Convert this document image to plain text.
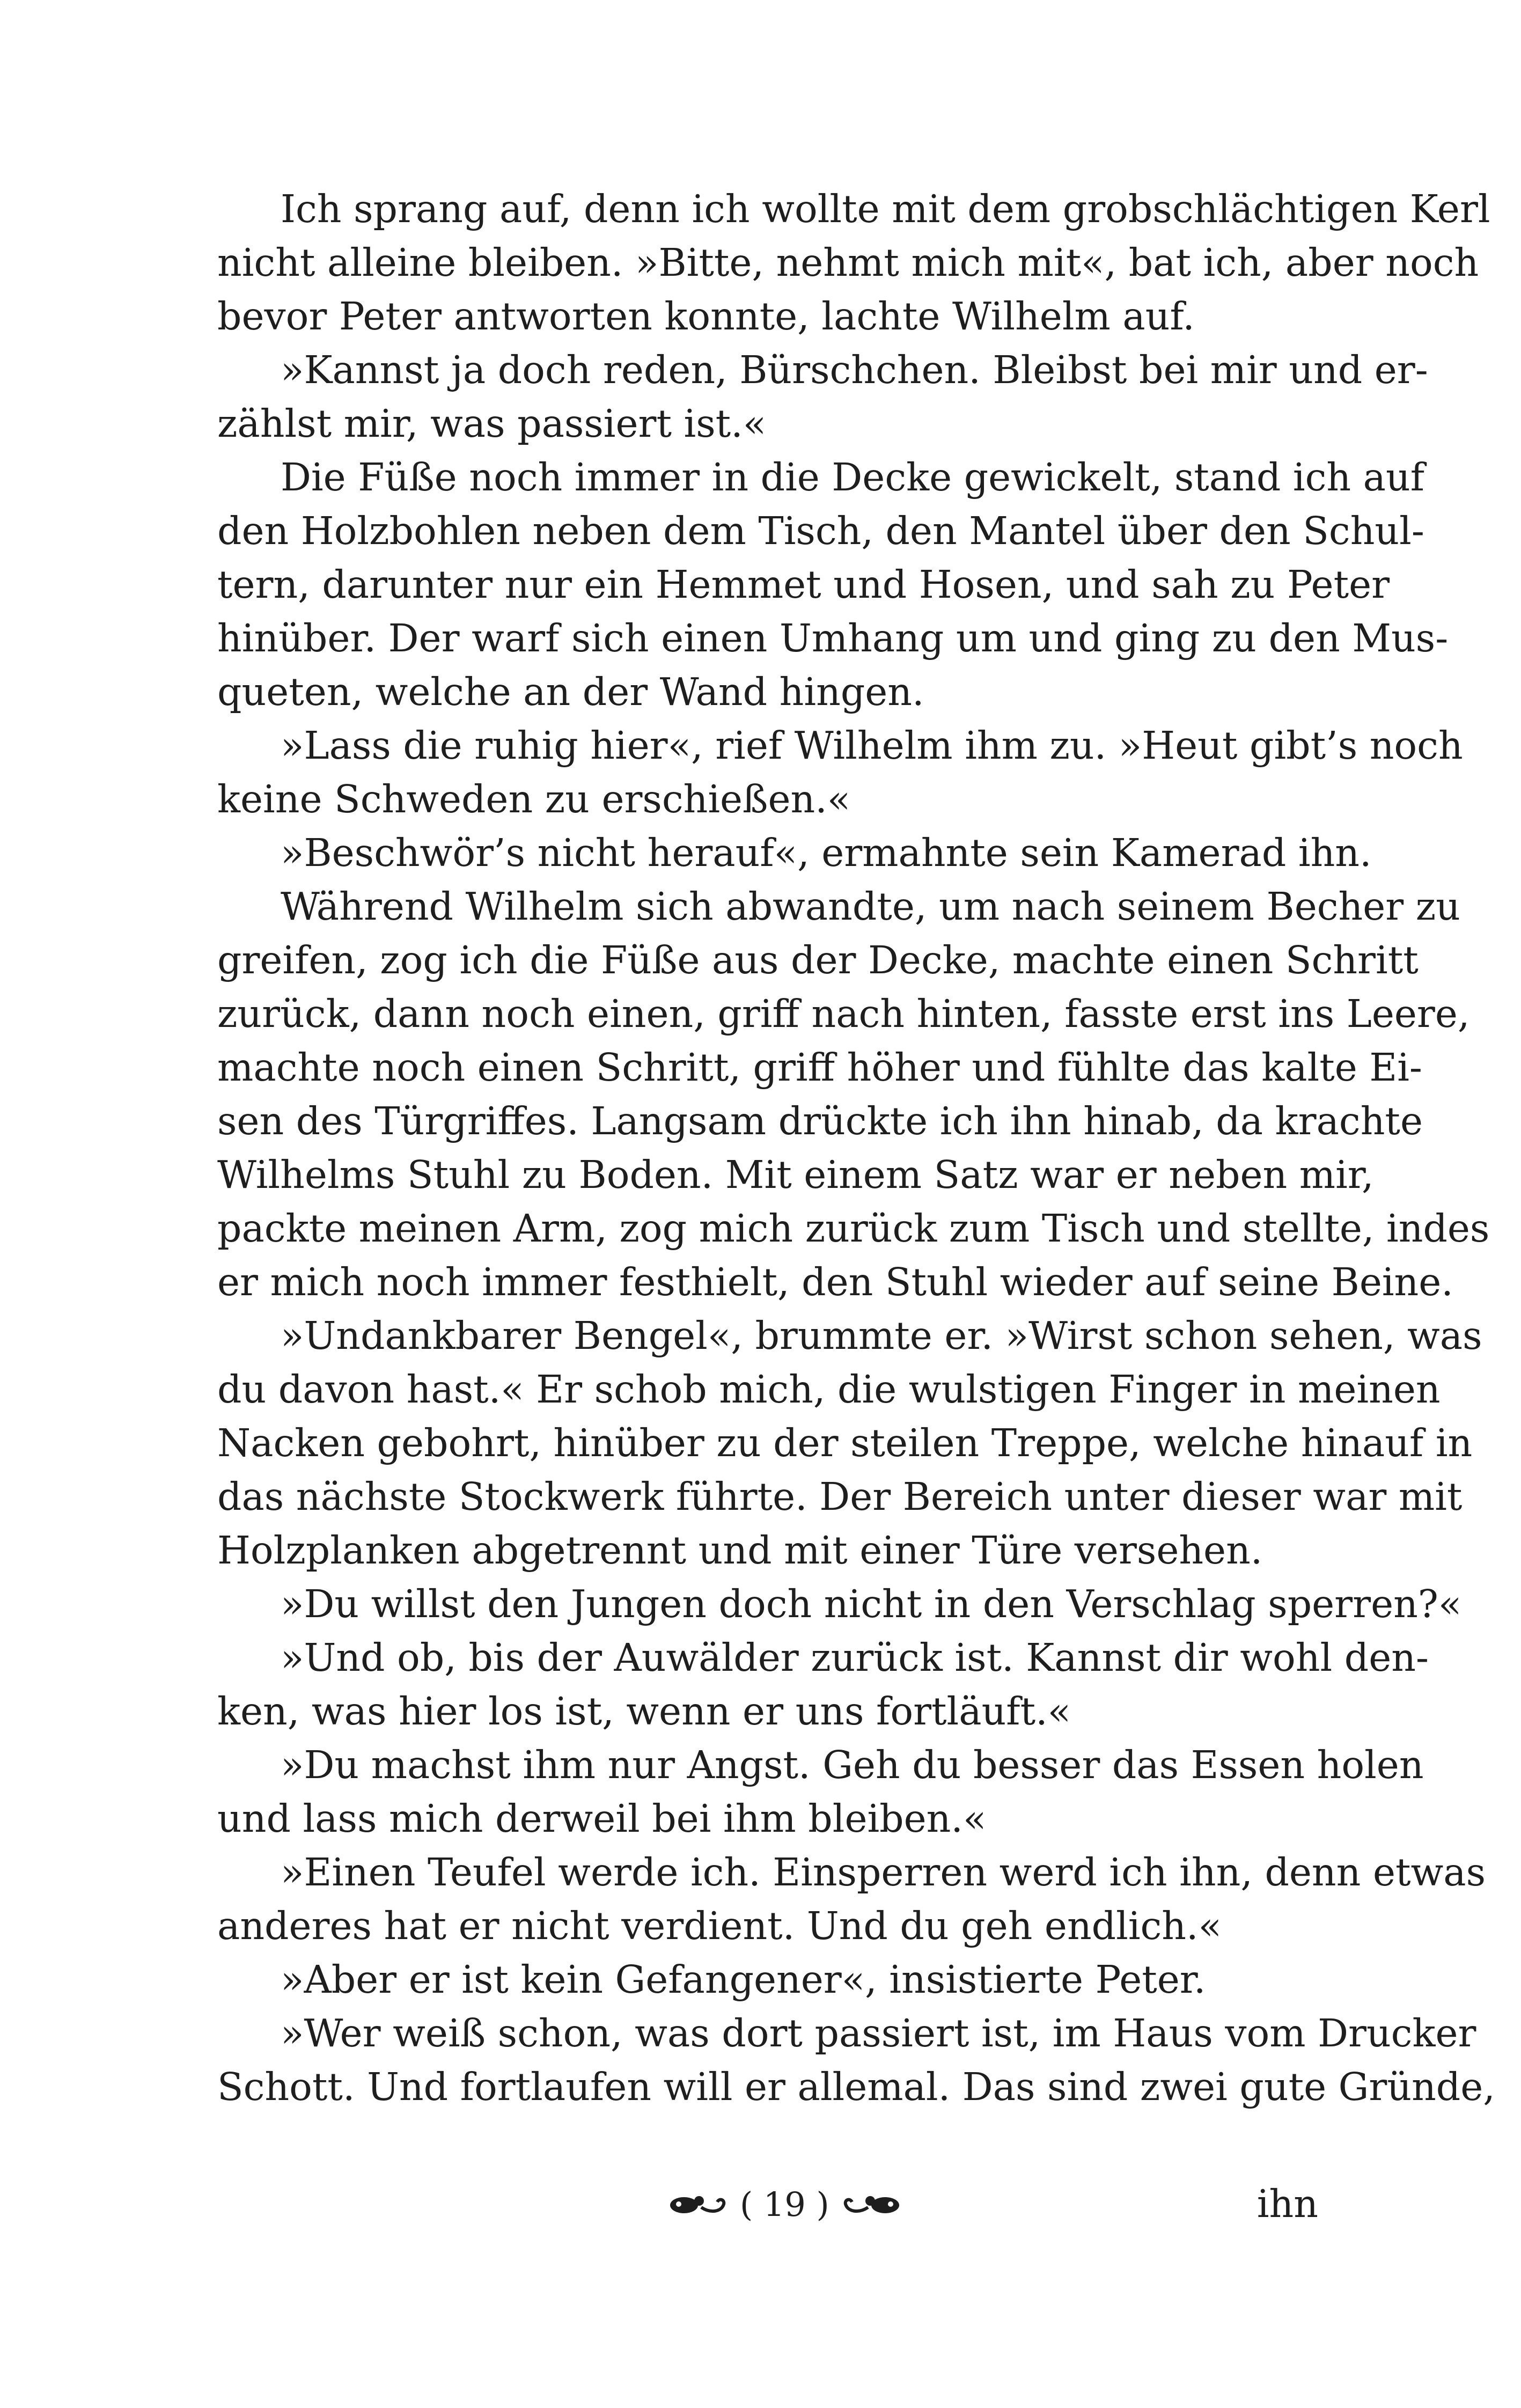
Ich sprang auf, denn ich wollte mit dem grobschlächtigen Kerl
nicht alleine bleiben. »Bitte, nehmt mich mit«, bat ich, aber noch
bevor Peter antworten konnte, lachte Wilhelm auf.
»Kannst ja doch reden, Bürschchen. Bleibst bei mir und er-
zählst mir, was passiert ist.«
Die Füße noch immer in die Decke gewickelt, stand ich auf
den Holzbohlen neben dem Tisch, den Mantel über den Schul-
tern, darunter nur ein Hemmet und Hosen, und sah zu Peter
hinüber. Der warf sich einen Umhang um und ging zu den Mus-
queten, welche an der Wand hingen.
»Lass die ruhig hier«, rief Wilhelm ihm zu. »Heut gibt’s noch
keine Schweden zu erschießen.«
»Beschwör’s nicht herauf«, ermahnte sein Kamerad ihn.
Während Wilhelm sich abwandte, um nach seinem Becher zu
greifen, zog ich die Füße aus der Decke, machte einen Schritt
zurück, dann noch einen, griff nach hinten, fasste erst ins Leere,
machte noch einen Schritt, griff höher und fühlte das kalte Ei-
sen des Türgriffes. Langsam drückte ich ihn hinab, da krachte
Wilhelms Stuhl zu Boden. Mit einem Satz war er neben mir,
packte meinen Arm, zog mich zurück zum Tisch und stellte, indes
er mich noch immer festhielt, den Stuhl wieder auf seine Beine.
»Undankbarer Bengel«, brummte er. »Wirst schon sehen, was
du davon hast.« Er schob mich, die wulstigen Finger in meinen
Nacken gebohrt, hinüber zu der steilen Treppe, welche hinauf in
das nächste Stockwerk führte. Der Bereich unter dieser war mit
Holzplanken abgetrennt und mit einer Türe versehen.
»Du willst den Jungen doch nicht in den Verschlag sperren?«
»Und ob, bis der Auwälder zurück ist. Kannst dir wohl den-
ken, was hier los ist, wenn er uns fortläuft.«
»Du machst ihm nur Angst. Geh du besser das Essen holen
und lass mich derweil bei ihm bleiben.«
»Einen Teufel werde ich. Einsperren werd ich ihn, denn etwas
anderes hat er nicht verdient. Und du geh endlich.«
»Aber er ist kein Gefangener«, insistierte Peter.
»Wer weiß schon, was dort passiert ist, im Haus vom Drucker
Schott. Und fortlaufen will er allemal. Das sind zwei gute Gründe,
( 19 )	ihn
